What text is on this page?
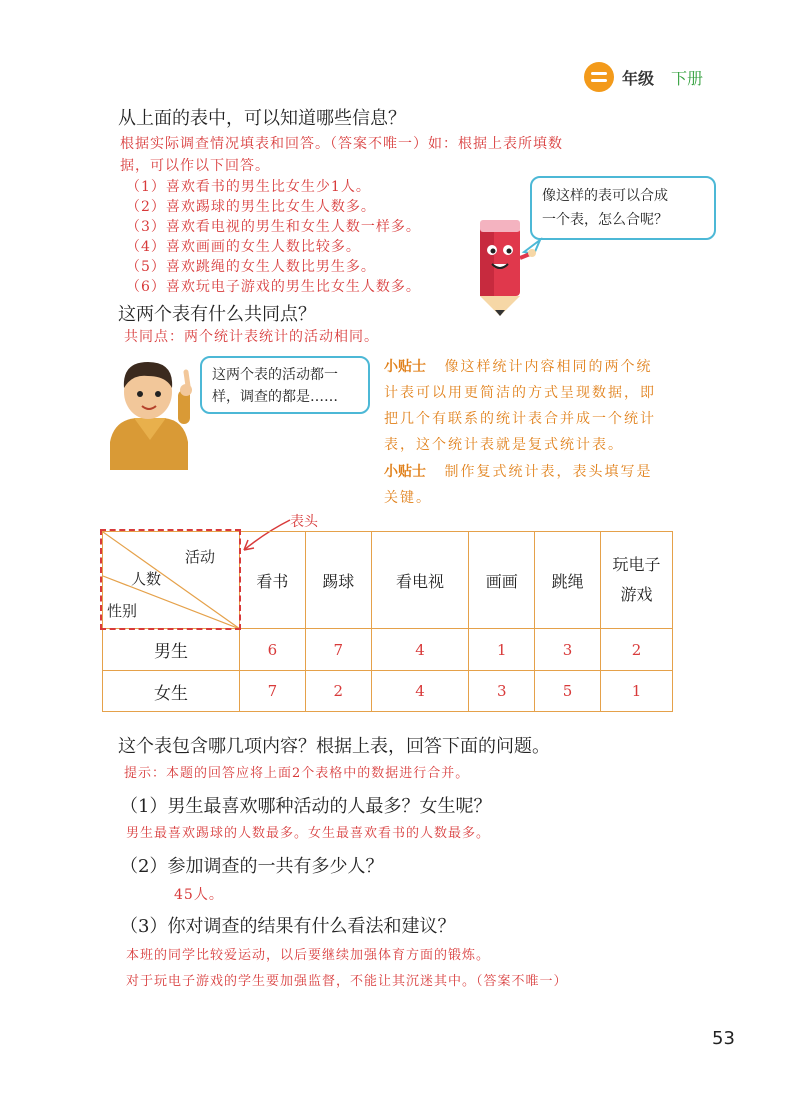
年级 下册
从上面的表中，可以知道哪些信息？
根据实际调查情况填表和回答。（答案不唯一）如：根据上表所填数
据，可以作以下回答。
（1）喜欢看书的男生比女生少1人。
（2）喜欢踢球的男生比女生人数多。
（3）喜欢看电视的男生和女生人数一样多。
（4）喜欢画画的女生人数比较多。
（5）喜欢跳绳的女生人数比男生多。
（6）喜欢玩电子游戏的男生比女生人数多。
像这样的表可以合成
一个表，怎么合呢？
这两个表有什么共同点？
共同点：两个统计表统计的活动相同。
这两个表的活动都一
样，调查的都是……
小贴士 像这样统计内容相同的两个统
计表可以用更简洁的方式呈现数据，即
把几个有联系的统计表合并成一个统计
表，这个统计表就是复式统计表。
小贴士 制作复式统计表，表头填写是
关键。
表头
活动
人数
性别	看书	踢球	看电视	画画	跳绳	玩电子游戏
男生	6	7	4	1	3	2
女生	7	2	4	3	5	1
这个表包含哪几项内容？根据上表，回答下面的问题。
提示：本题的回答应将上面2个表格中的数据进行合并。
（1）男生最喜欢哪种活动的人最多？女生呢？
男生最喜欢踢球的人数最多。女生最喜欢看书的人数最多。
（2）参加调查的一共有多少人？
45人。
（3）你对调查的结果有什么看法和建议？
本班的同学比较爱运动，以后要继续加强体育方面的锻炼。
对于玩电子游戏的学生要加强监督，不能让其沉迷其中。（答案不唯一）
53
